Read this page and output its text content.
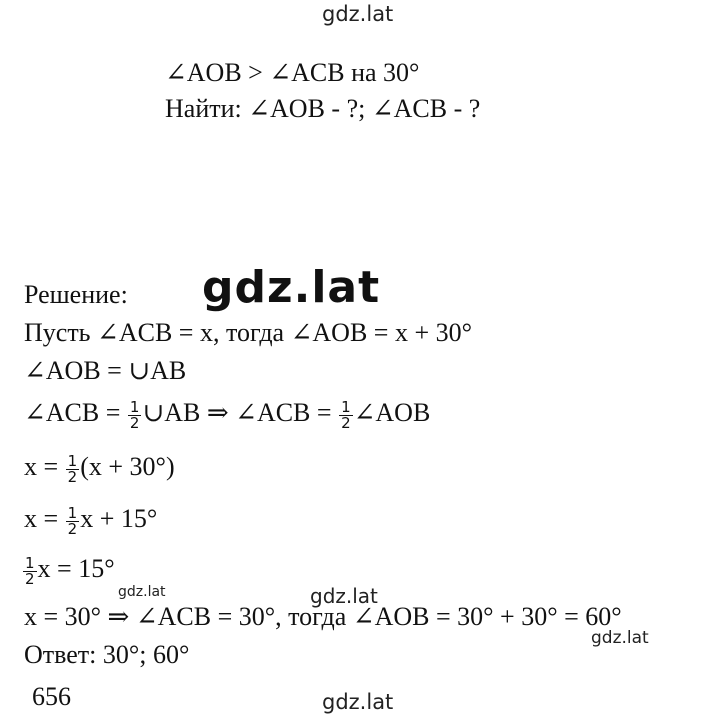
gdz.lat
∠AOB > ∠ACB на 30°
Найти: ∠AOB - ?; ∠ACB - ?
Решение: gdz.lat
Пусть ∠ACB = x, тогда ∠AOB = x + 30°
∠AOB = ∪AB
∠ACB = $\frac{1}{2}$ ∪AB ⇒ ∠ACB = $\frac{1}{2}$ ∠AOB
$x = \frac{1}{2} (x + 30^\circ)$
$x = \frac{1}{2}$ x + 15°
$\frac{1}{2}$ x = 15°
gdz.lat	gdz.lat
x = 30° ⇒ ∠ACB = 30°, тогда ∠AOB = 30° + 30° = 60°
gdz.lat
Ответ: 30°; 60°
656	gdz.lat
